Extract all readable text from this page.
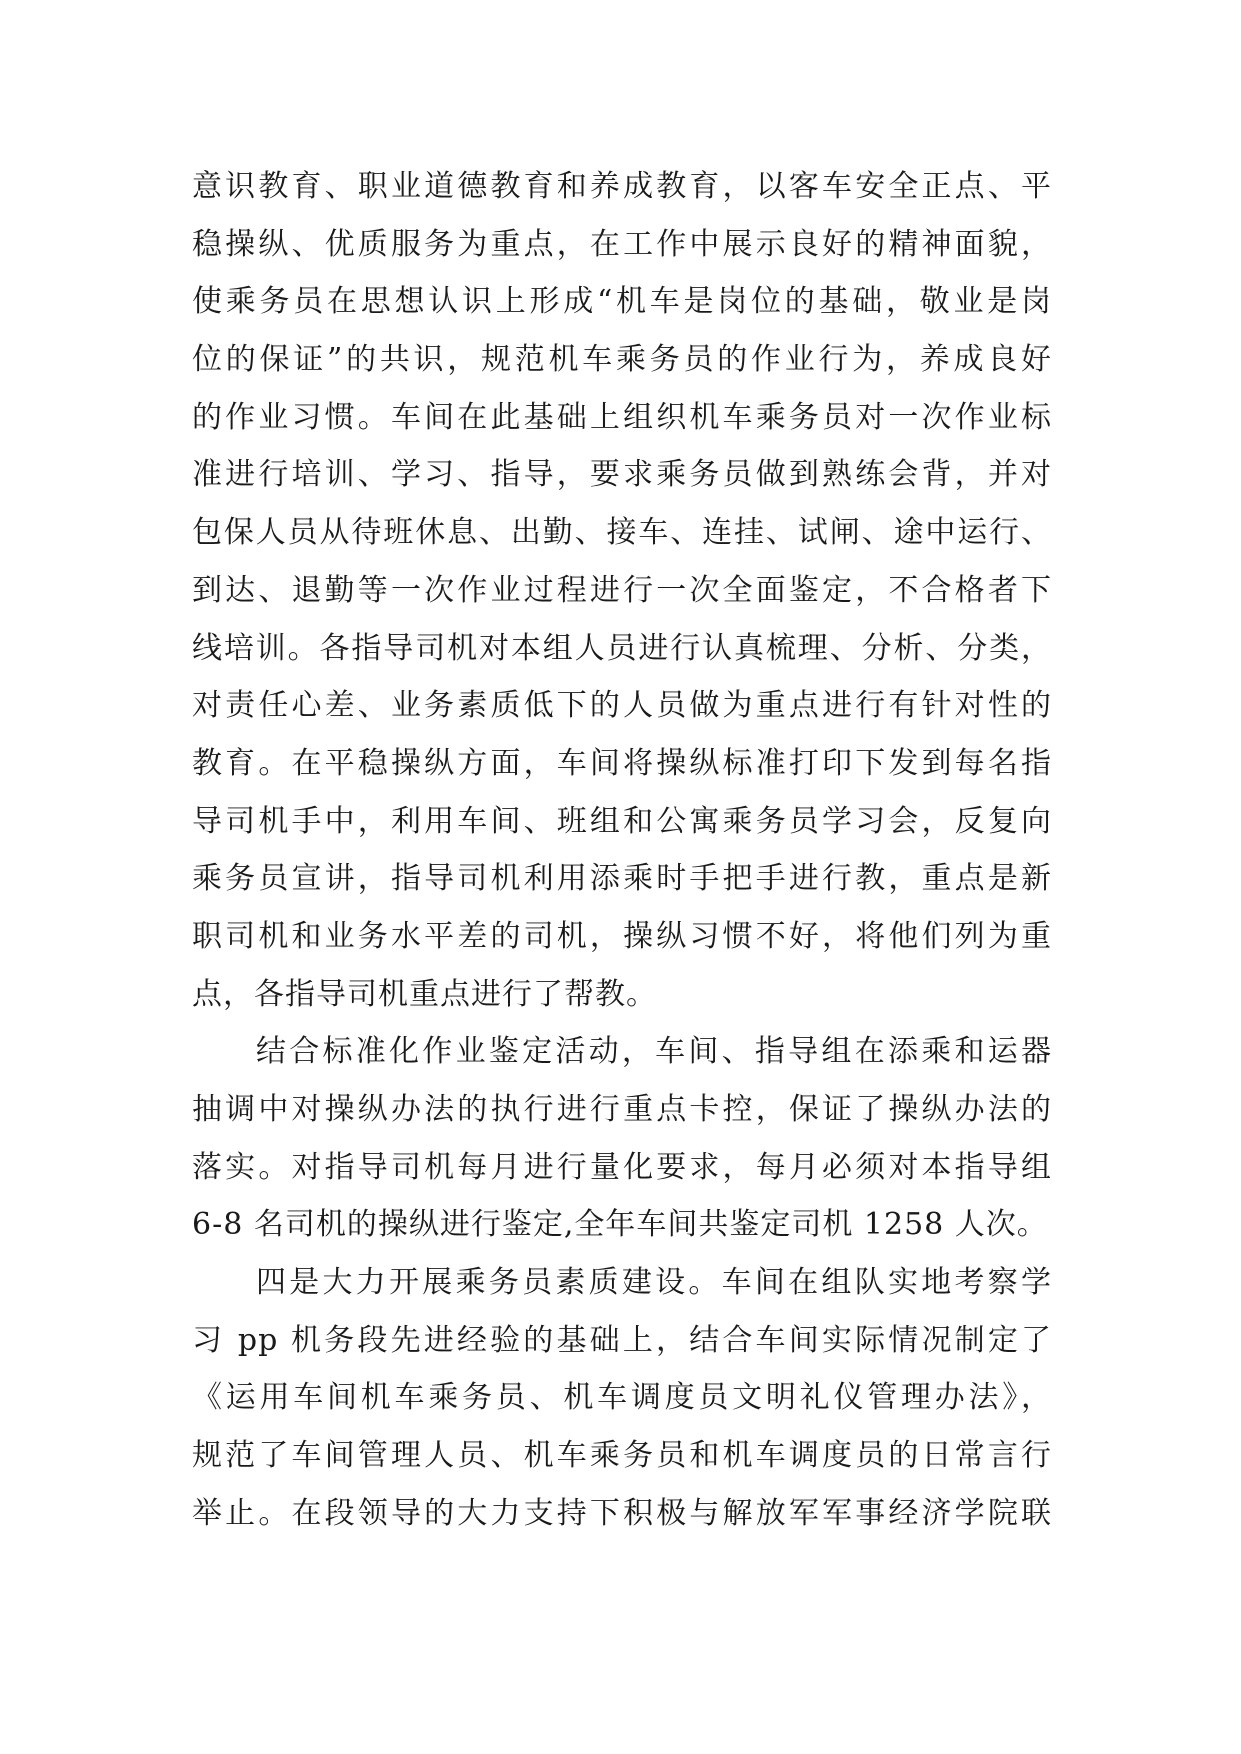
意识教育、职业道德教育和养成教育，以客车安全正点、平
稳操纵、优质服务为重点，在工作中展示良好的精神面貌，
使乘务员在思想认识上形成“机车是岗位的基础，敬业是岗
位的保证”的共识，规范机车乘务员的作业行为，养成良好
的作业习惯。车间在此基础上组织机车乘务员对一次作业标
准进行培训、学习、指导，要求乘务员做到熟练会背，并对
包保人员从待班休息、出勤、接车、连挂、试闸、途中运行、
到达、退勤等一次作业过程进行一次全面鉴定，不合格者下
线培训。各指导司机对本组人员进行认真梳理、分析、分类，
对责任心差、业务素质低下的人员做为重点进行有针对性的
教育。在平稳操纵方面，车间将操纵标准打印下发到每名指
导司机手中，利用车间、班组和公寓乘务员学习会，反复向
乘务员宣讲，指导司机利用添乘时手把手进行教，重点是新
职司机和业务水平差的司机，操纵习惯不好，将他们列为重
点，各指导司机重点进行了帮教。
结合标准化作业鉴定活动，车间、指导组在添乘和运器
抽调中对操纵办法的执行进行重点卡控，保证了操纵办法的
落实。对指导司机每月进行量化要求，每月必须对本指导组
6-8 名司机的操纵进行鉴定,全年车间共鉴定司机 1258 人次。
四是大力开展乘务员素质建设。车间在组队实地考察学
习 pp 机务段先进经验的基础上，结合车间实际情况制定了
《运用车间机车乘务员、机车调度员文明礼仪管理办法》，
规范了车间管理人员、机车乘务员和机车调度员的日常言行
举止。在段领导的大力支持下积极与解放军军事经济学院联
